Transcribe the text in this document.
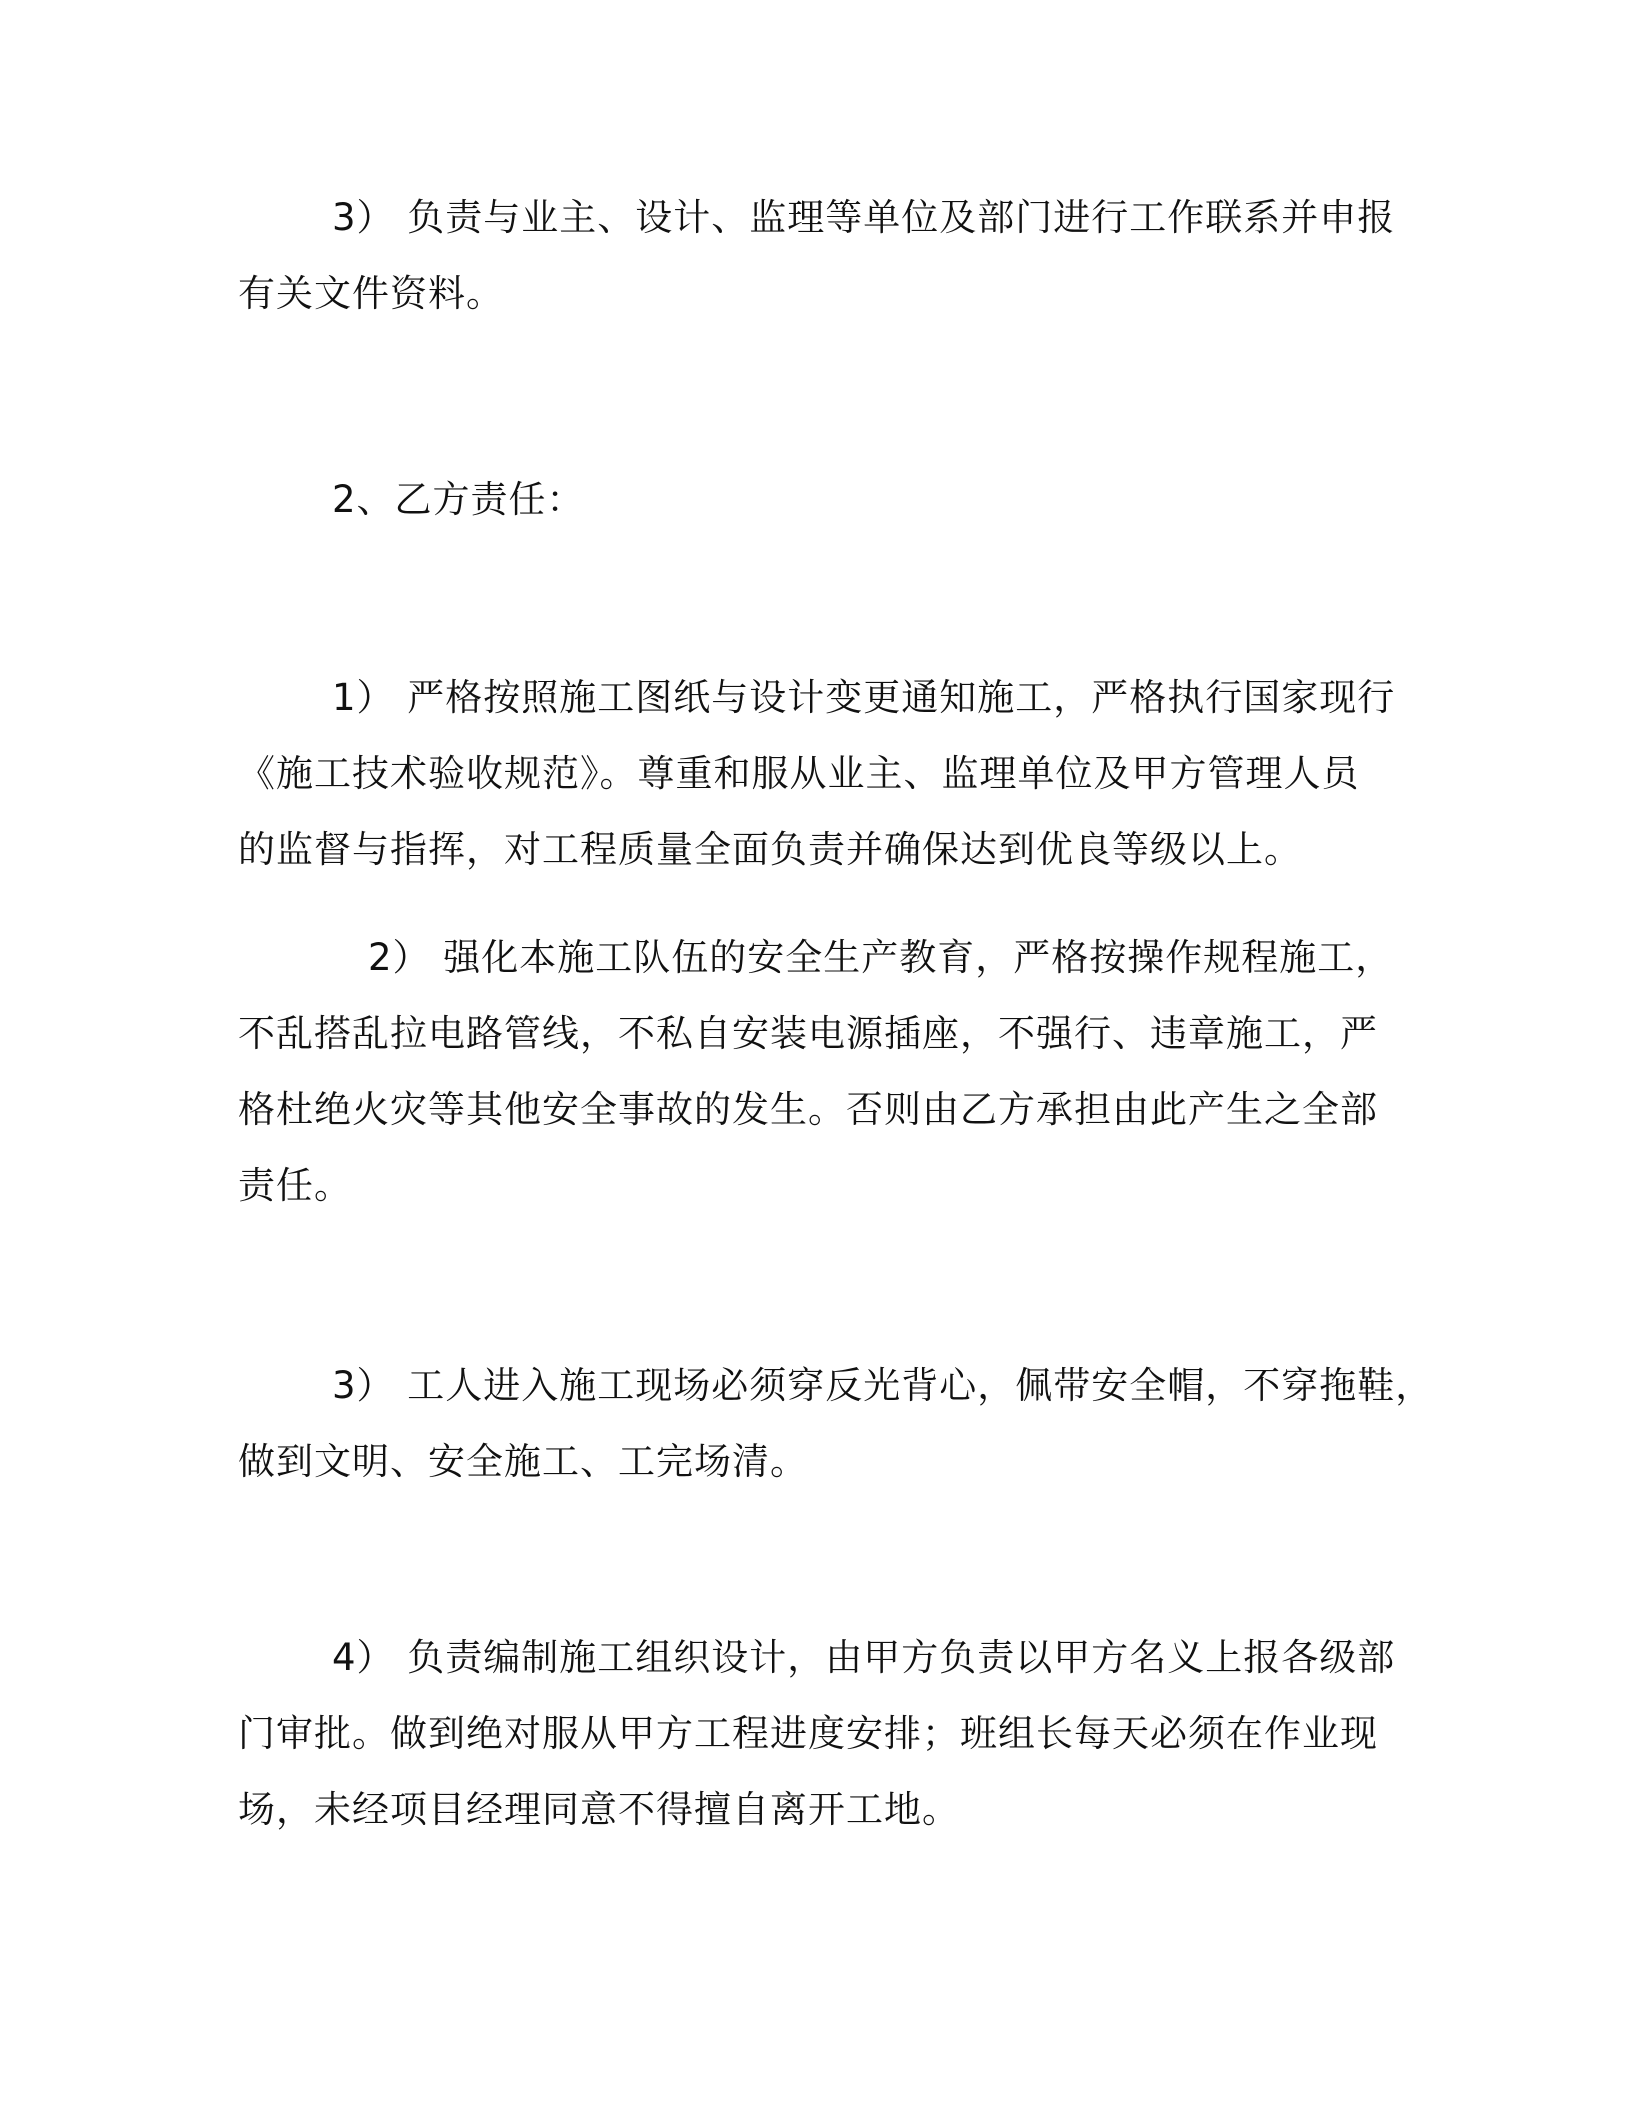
3） 负责与业主、设计、监理等单位及部门进行工作联系并申报
有关文件资料。

2、乙方责任：

1） 严格按照施工图纸与设计变更通知施工，严格执行国家现行
《施工技术验收规范》。尊重和服从业主、监理单位及甲方管理人员
的监督与指挥，对工程质量全面负责并确保达到优良等级以上。

2） 强化本施工队伍的安全生产教育，严格按操作规程施工，
不乱搭乱拉电路管线，不私自安装电源插座，不强行、违章施工，严
格杜绝火灾等其他安全事故的发生。否则由乙方承担由此产生之全部
责任。

3） 工人进入施工现场必须穿反光背心，佩带安全帽，不穿拖鞋，
做到文明、安全施工、工完场清。

4） 负责编制施工组织设计，由甲方负责以甲方名义上报各级部
门审批。做到绝对服从甲方工程进度安排；班组长每天必须在作业现
场，未经项目经理同意不得擅自离开工地。
